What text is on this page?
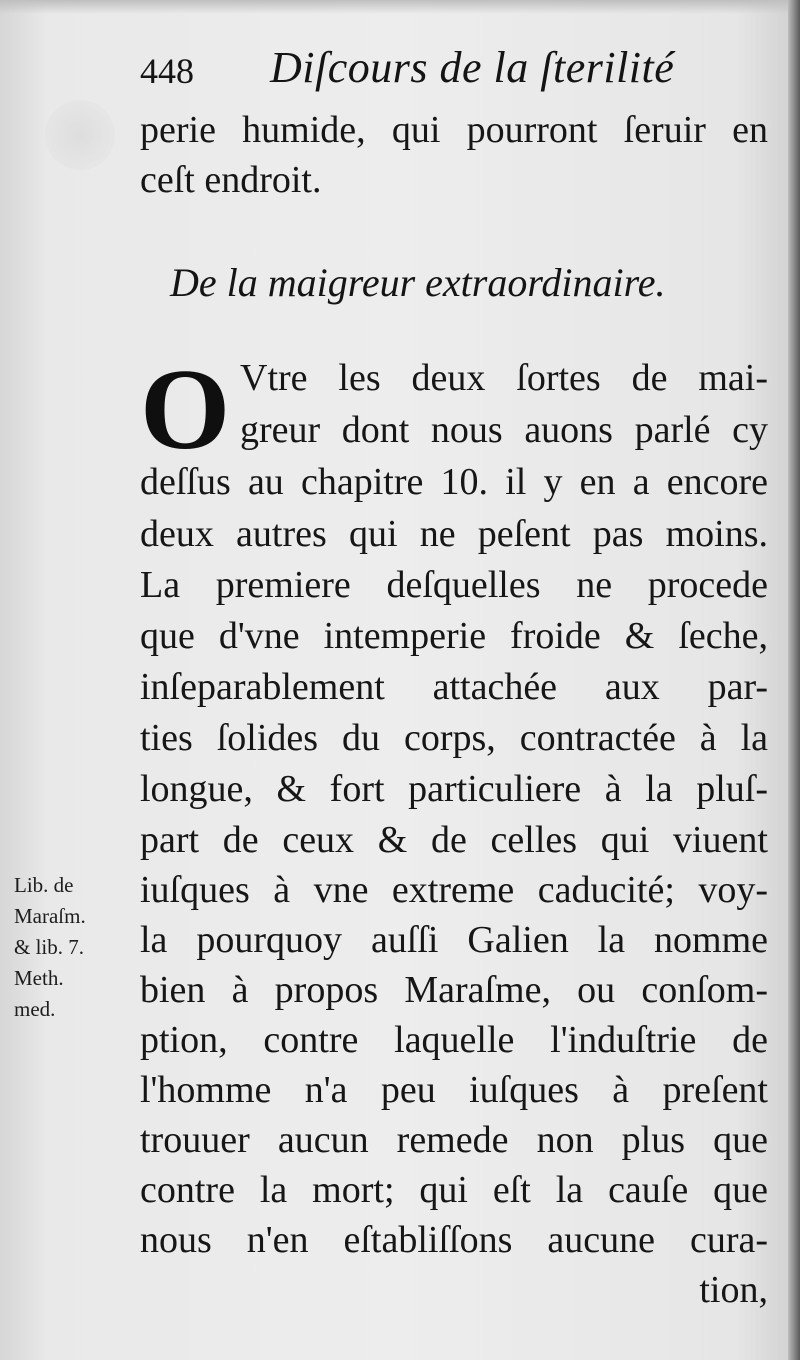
448 Diſcours de la ſterilité
perie humide, qui pourront ſeruir en
ceſt endroit.
De la maigreur extraordinaire.
O Vtre les deux ſortes de mai-
greur dont nous auons parlé cy
deſſus au chapitre 10. il y en a encore
deux autres qui ne peſent pas moins.
La premiere deſquelles ne procede
que d'vne intemperie froide & ſeche,
inſeparablement attachée aux par-
ties ſolides du corps, contractée à la
longue, & fort particuliere à la pluſ-
part de ceux & de celles qui viuent
iuſques à vne extreme caducité; voy-
la pourquoy auſſi Galien la nomme
bien à propos Maraſme, ou conſom-
ption, contre laquelle l'induſtrie de
l'homme n'a peu iuſques à preſent
trouuer aucun remede non plus que
contre la mort; qui eſt la cauſe que
nous n'en eſtabliſſons aucune cura-
tion,
Lib. de
Maraſm.
& lib. 7.
Meth.
med.
